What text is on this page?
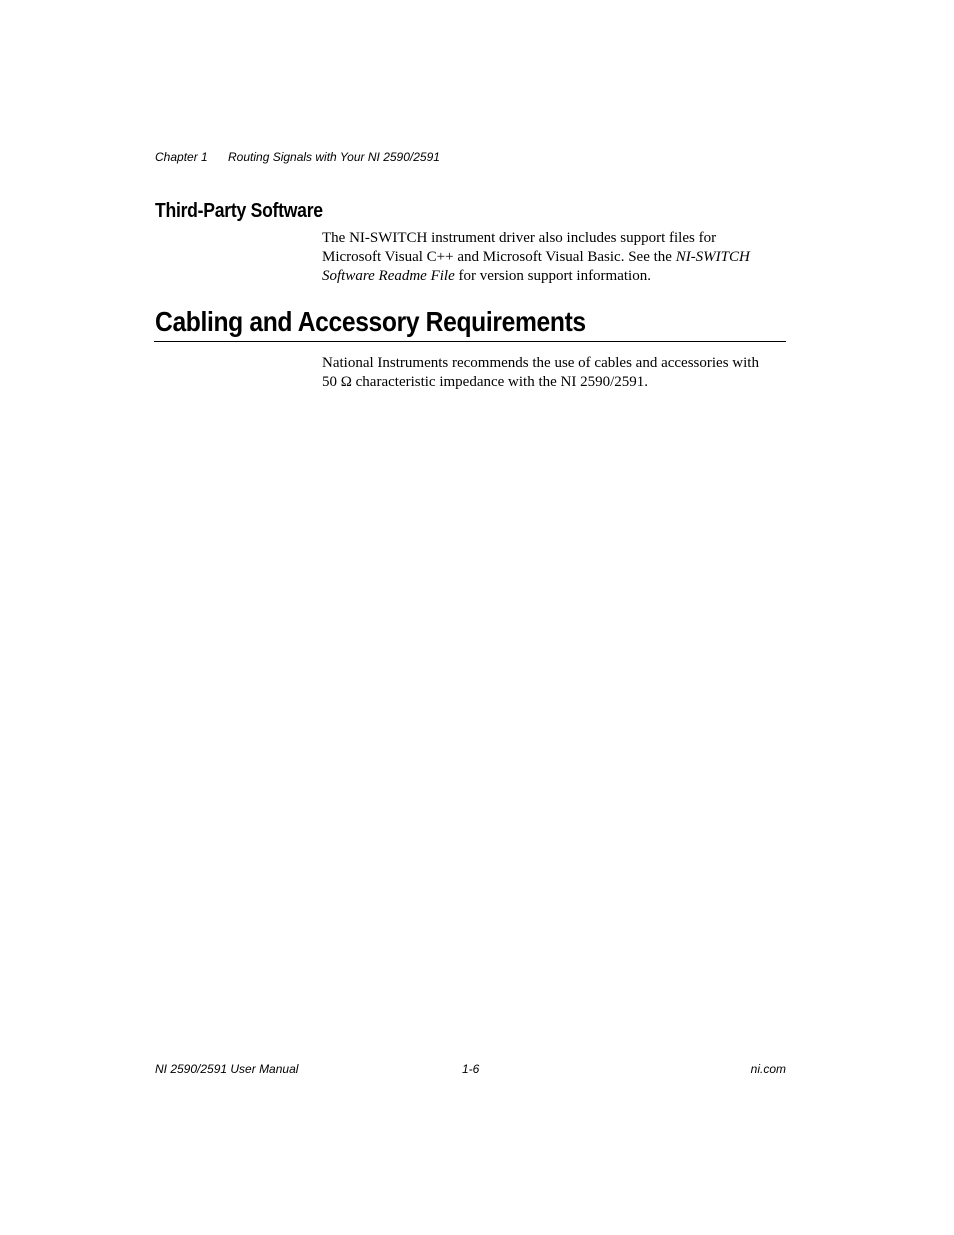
Chapter 1 Routing Signals with Your NI 2590/2591
Third-Party Software

The NI-SWITCH instrument driver also includes support files for
Microsoft Visual C++ and Microsoft Visual Basic. See the NI-SWITCH
Software Readme File for version support information.

Cabling and Accessory Requirements

National Instruments recommends the use of cables and accessories with
50 Ω characteristic impedance with the NI 2590/2591.

NI 2590/2591 User Manual	1-6	ni.com
